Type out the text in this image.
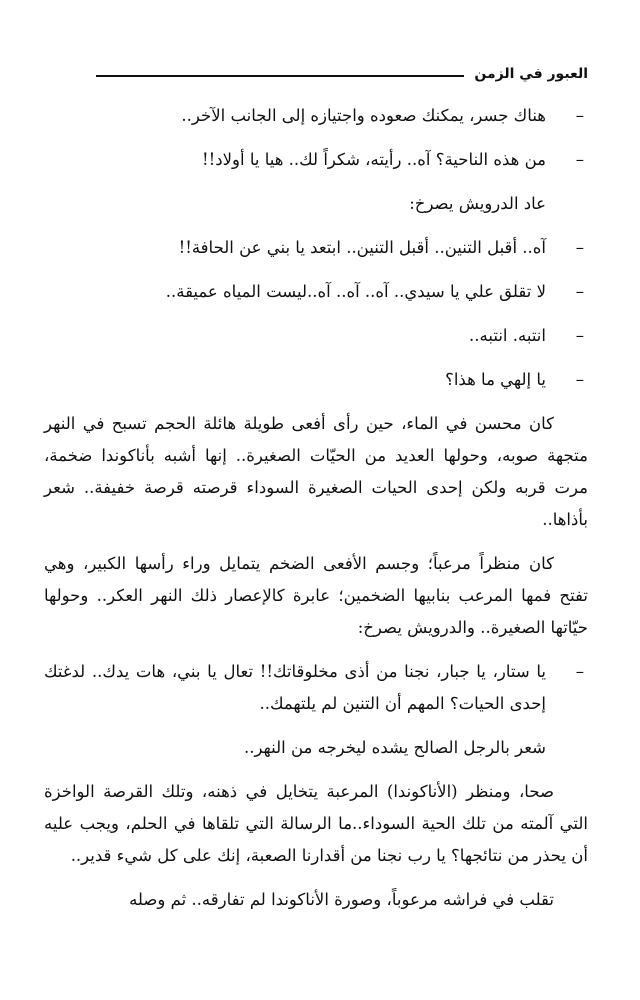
العبور في الزمن
–
هناك جسر، يمكنك صعوده واجتيازه إلى الجانب الآخر..
–
من هذه الناحية؟ آه.. رأيته، شكراً لك.. هيا يا أولاد!!
عاد الدرويش يصرخ:
–
آه.. أقبل التنين.. أقبل التنين.. ابتعد يا بني عن الحافة!!
–
لا تقلق علي يا سيدي.. آه.. آه.. آه..ليست المياه عميقة..
–
انتبه. انتبه..
–
يا إلهي ما هذا؟

كان محسن في الماء، حين رأى أفعى طويلة هائلة الحجم تسبح في النهر متجهة صوبه، وحولها العديد من الحيّات الصغيرة.. إنها أشبه بأناكوندا ضخمة، مرت قربه ولكن إحدى الحيات الصغيرة السوداء قرصته قرصة خفيفة.. شعر بأذاها..

كان منظراً مرعباً؛ وجسم الأفعى الضخم يتمايل وراء رأسها الكبير، وهي تفتح فمها المرعب بنابيها الضخمين؛ عابرة كالإعصار ذلك النهر العكر.. وحولها حيّاتها الصغيرة.. والدرويش يصرخ:

–
يا ستار، يا جبار، نجنا من أذى مخلوقاتك!! تعال يا بني، هات يدك.. لدغتك إحدى الحيات؟ المهم أن التنين لم يلتهمك..
شعر بالرجل الصالح يشده ليخرجه من النهر..

صحا، ومنظر (الأناكوندا) المرعبة يتخايل في ذهنه، وتلك القرصة الواخزة التي آلمته من تلك الحية السوداء..ما الرسالة التي تلقاها في الحلم، ويجب عليه أن يحذر من نتائجها؟ يا رب نجنا من أقدارنا الصعبة، إنك على كل شيء قدير..

تقلب في فراشه مرعوباً، وصورة الأناكوندا لم تفارقه.. ثم وصله
